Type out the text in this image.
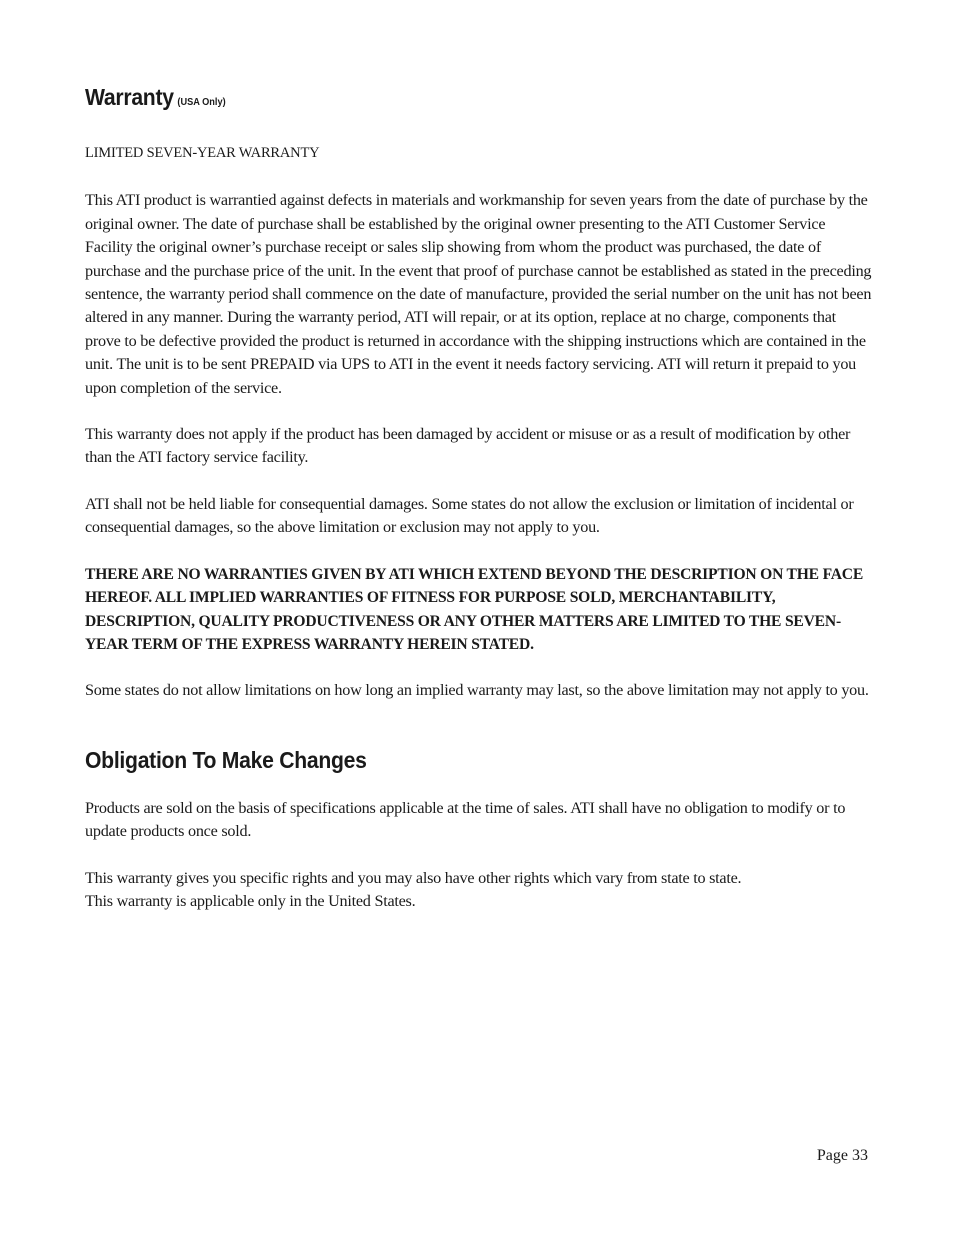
Warranty (USA Only)

LIMITED SEVEN-YEAR WARRANTY

This ATI product is warrantied against defects in materials and workmanship for seven years from the date of purchase by the original owner. The date of purchase shall be established by the original owner presenting to the ATI Customer Service Facility the original owner’s purchase receipt or sales slip showing from whom the product was purchased, the date of purchase and the purchase price of the unit. In the event that proof of purchase cannot be established as stated in the preceding sentence, the warranty period shall commence on the date of manufacture, provided the serial number on the unit has not been altered in any manner. During the warranty period, ATI will repair, or at its option, replace at no charge, components that prove to be defective provided the product is returned in accordance with the shipping instructions which are contained in the unit. The unit is to be sent PREPAID via UPS to ATI in the event it needs factory servicing. ATI will return it prepaid to you upon completion of the service.

This warranty does not apply if the product has been damaged by accident or misuse or as a result of modification by other than the ATI factory service facility.

ATI shall not be held liable for consequential damages. Some states do not allow the exclusion or limitation of incidental or consequential damages, so the above limitation or exclusion may not apply to you.

THERE ARE NO WARRANTIES GIVEN BY ATI WHICH EXTEND BEYOND THE DESCRIPTION ON THE FACE HEREOF. ALL IMPLIED WARRANTIES OF FITNESS FOR PURPOSE SOLD, MERCHANTABILITY, DESCRIPTION, QUALITY PRODUCTIVENESS OR ANY OTHER MATTERS ARE LIMITED TO THE SEVEN-YEAR TERM OF THE EXPRESS WARRANTY HEREIN STATED.

Some states do not allow limitations on how long an implied warranty may last, so the above limitation may not apply to you.

Obligation To Make Changes

Products are sold on the basis of specifications applicable at the time of sales. ATI shall have no obligation to modify or to update products once sold.

This warranty gives you specific rights and you may also have other rights which vary from state to state.

This warranty is applicable only in the United States.

Page 33
